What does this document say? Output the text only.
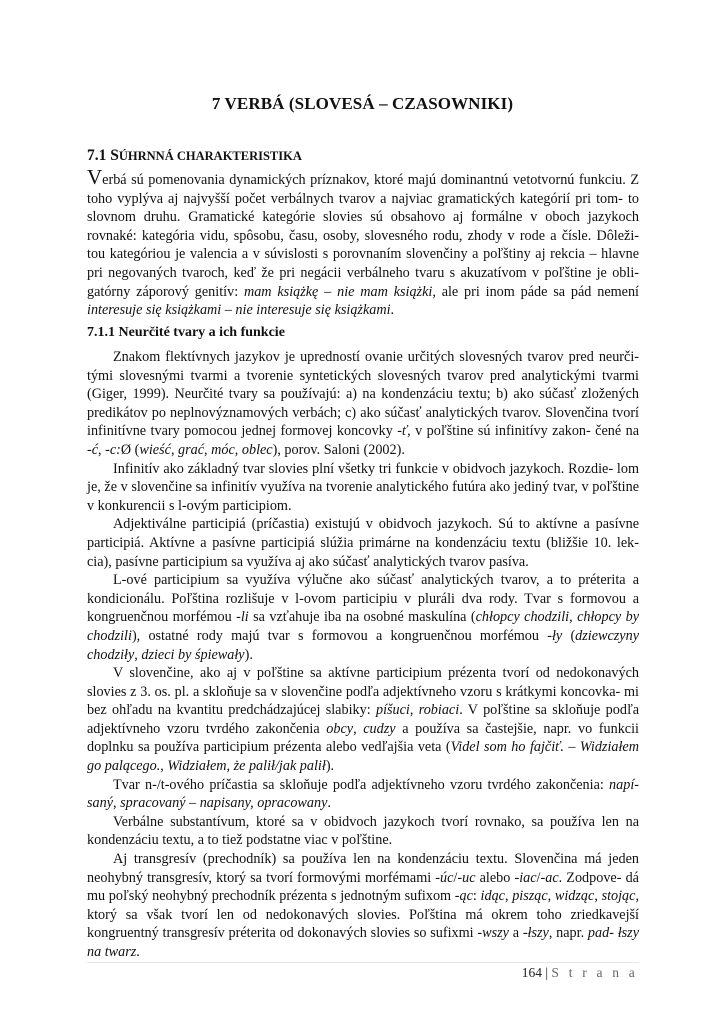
7 VERBÁ (SLOVESÁ – CZASOWNIKI)
7.1 SÚHRNNÁ CHARAKTERISTIKA

Verbá sú pomenovania dynamických príznakov, ktoré majú dominantnú vetotvornú funkciu. Z toho vyplýva aj najvyšší počet verbálnych tvarov a najviac gramatických kategórií pri tom- to slovnom druhu. Gramatické kategórie slovies sú obsahovo aj formálne v oboch jazykoch rovnaké: kategória vidu, spôsobu, času, osoby, slovesného rodu, zhody v rode a čísle. Dôleži- tou kategóriou je valencia a v súvislosti s porovnaním slovenčiny a poľštiny aj rekcia – hlavne pri negovaných tvaroch, keď že pri negácii verbálneho tvaru s akuzatívom v poľštine je obli- gatórny záporový genitív: mam książkę – nie mam książki, ale pri inom páde sa pád nemení interesuje się książkami – nie interesuje się książkami.

7.1.1 Neurčité tvary a ich funkcie

Znakom flektívnych jazykov je upredností ovanie určitých slovesných tvarov pred neurči- tými slovesnými tvarmi a tvorenie syntetických slovesných tvarov pred analytickými tvarmi (Giger, 1999). Neurčité tvary sa používajú: a) na kondenzáciu textu; b) ako súčasť zložených predikátov po neplnovýznamových verbách; c) ako súčasť analytických tvarov. Slovenčina tvorí infinitívne tvary pomocou jednej formovej koncovky -ť, v poľštine sú infinitívy zakon- čené na -ć, -c:Ø (wieść, grać, móc, oblec), porov. Saloni (2002).

Infinitív ako základný tvar slovies plní všetky tri funkcie v obidvoch jazykoch. Rozdie- lom je, že v slovenčine sa infinitív využíva na tvorenie analytického futúra ako jediný tvar, v poľštine v konkurencii s l-ovým participiom.

Adjektiválne participiá (príčastia) existujú v obidvoch jazykoch. Sú to aktívne a pasívne participiá. Aktívne a pasívne participiá slúžia primárne na kondenzáciu textu (bližšie 10. lek- cia), pasívne participium sa využíva aj ako súčasť analytických tvarov pasíva.

L-ové participium sa využíva výlučne ako súčasť analytických tvarov, a to préterita a kondicionálu. Poľština rozlišuje v l-ovom participiu v pluráli dva rody. Tvar s formovou a kongruenčnou morfémou -li sa vzťahuje iba na osobné maskulína (chłopcy chodzili, chłopcy by chodzili), ostatné rody majú tvar s formovou a kongruenčnou morfémou -ły (dziewczyny chodziły, dzieci by śpiewały).

V slovenčine, ako aj v poľštine sa aktívne participium prézenta tvorí od nedokonavých slovies z 3. os. pl. a skloňuje sa v slovenčine podľa adjektívneho vzoru s krátkymi koncovka- mi bez ohľadu na kvantitu predchádzajúcej slabiky: píšuci, robiaci. V poľštine sa skloňuje podľa adjektívneho vzoru tvrdého zakončenia obcy, cudzy a používa sa častejšie, napr. vo funkcii doplnku sa používa participium prézenta alebo vedľajšia veta (Videl som ho fajčiť. – Widziałem go palącego., Widziałem, że palił/jak palił).

Tvar n-/t-ového príčastia sa skloňuje podľa adjektívneho vzoru tvrdého zakončenia: napí- saný, spracovaný – napisany, opracowany.

Verbálne substantívum, ktoré sa v obidvoch jazykoch tvorí rovnako, sa používa len na kondenzáciu textu, a to tiež podstatne viac v poľštine.

Aj transgresív (prechodník) sa používa len na kondenzáciu textu. Slovenčina má jeden neohybný transgresív, ktorý sa tvorí formovými morfémami -úc/-uc alebo -iac/-ac. Zodpove- dá mu poľský neohybný prechodník prézenta s jednotným sufixom -ąc: idąc, pisząc, widząc, stojąc, ktorý sa však tvorí len od nedokonavých slovies. Poľština má okrem toho zriedkavejší kongruentný transgresív préterita od dokonavých slovies so sufixmi -wszy a -łszy, napr. pad- łszy na twarz.

164 | S t r a n a
